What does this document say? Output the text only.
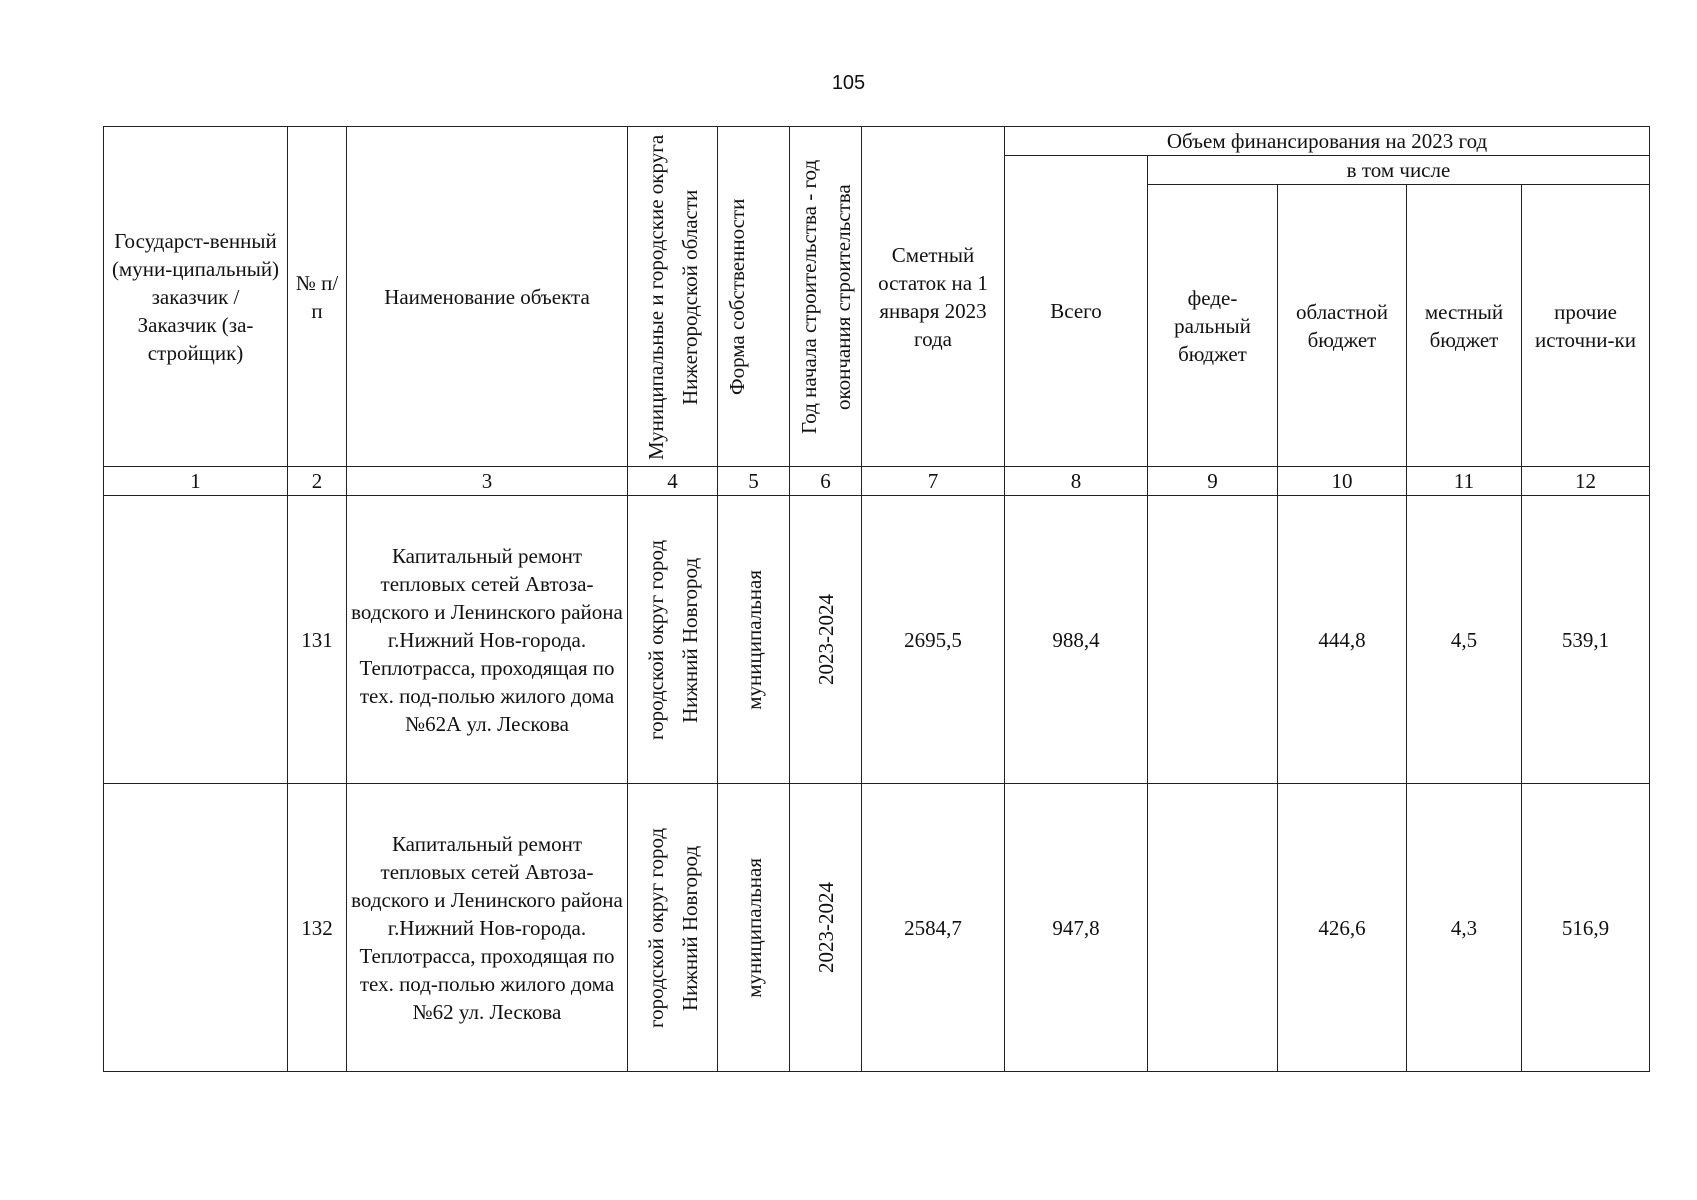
105
Государст-венный (муни-ципальный) заказчик / Заказчик (за-стройщик)	№ п/п	Наименование объекта	Муниципальные и городские округа Нижегородской области	Форма собственности	Год начала строительства - год окончания строительства	Сметный остаток на 1 января 2023 года	Объем финансирования на 2023 год				

							Всего	в том числе			

								феде-ральный бюджет	областной бюджет	местный бюджет	прочие источни-ки

1	2	3	4	5	6	7	8	9	10	11	12
	131	Капитальный ремонт тепловых сетей Автоза-водского и Ленинского района г.Нижний Нов-города. Теплотрасса, проходящая по тех. под-полью жилого дома №62А ул. Лескова	городской округ город Нижний Новгород	муниципальная	2023-2024	2695,5	988,4		444,8	4,5	539,1
	132	Капитальный ремонт тепловых сетей Автоза-водского и Ленинского района г.Нижний Нов-города. Теплотрасса, проходящая по тех. под-полью жилого дома №62 ул. Лескова	городской округ город Нижний Новгород	муниципальная	2023-2024	2584,7	947,8		426,6	4,3	516,9
